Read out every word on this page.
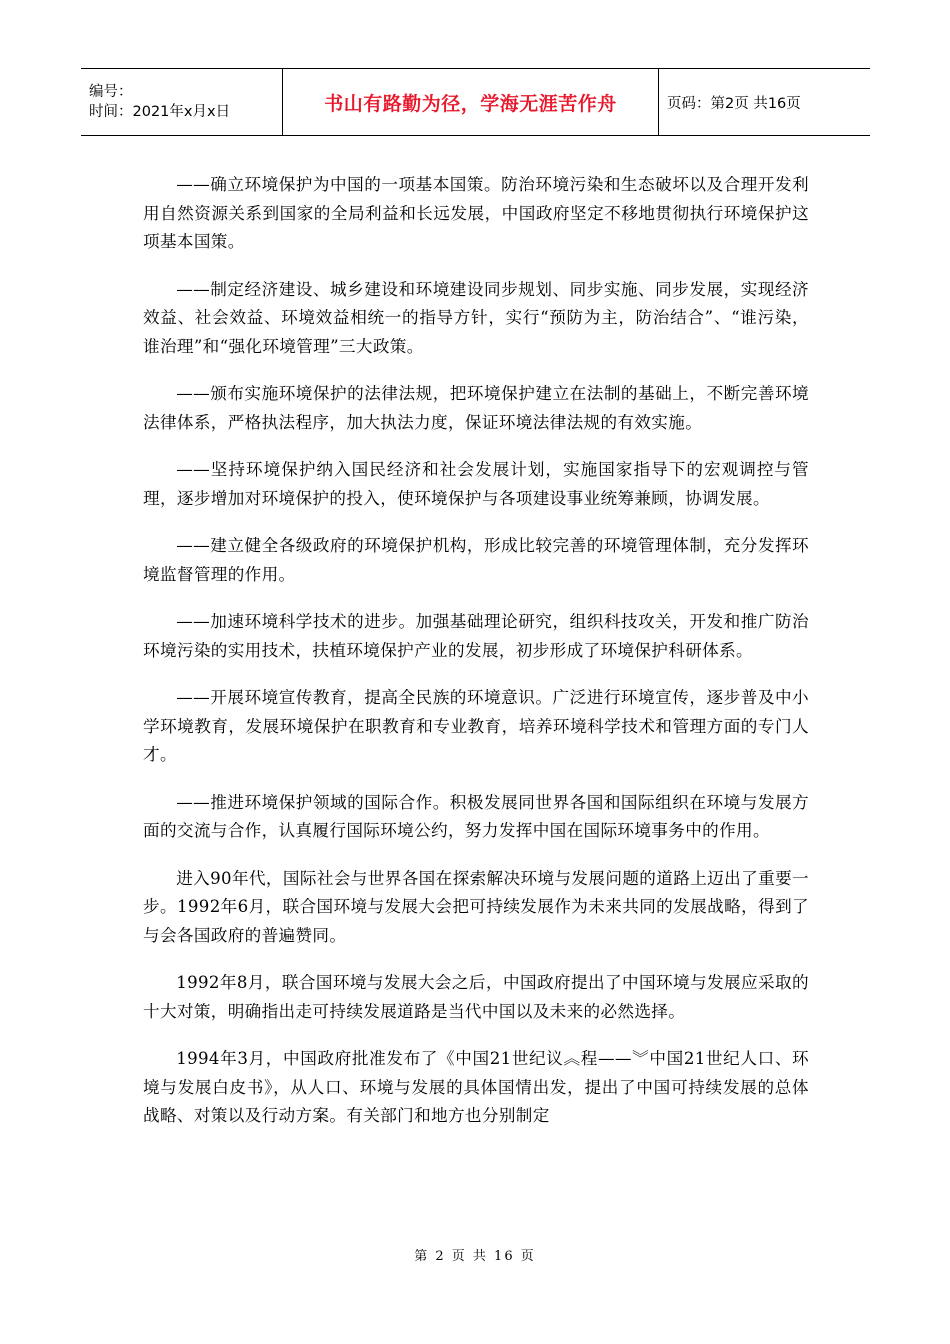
编号：
时间：2021年x月x日	书山有路勤为径，学海无涯苦作舟	页码：第2页 共16页

——确立环境保护为中国的一项基本国策。防治环境污染和生态破坏以及合理开发利用自然资源关系到国家的全局利益和长远发展，中国政府坚定不移地贯彻执行环境保护这项基本国策。

——制定经济建设、城乡建设和环境建设同步规划、同步实施、同步发展，实现经济效益、社会效益、环境效益相统一的指导方针，实行“预防为主，防治结合”、“谁污染，谁治理”和“强化环境管理”三大政策。

——颁布实施环境保护的法律法规，把环境保护建立在法制的基础上，不断完善环境法律体系，严格执法程序，加大执法力度，保证环境法律法规的有效实施。

——坚持环境保护纳入国民经济和社会发展计划，实施国家指导下的宏观调控与管理，逐步增加对环境保护的投入，使环境保护与各项建设事业统筹兼顾，协调发展。

——建立健全各级政府的环境保护机构，形成比较完善的环境管理体制，充分发挥环境监督管理的作用。

——加速环境科学技术的进步。加强基础理论研究，组织科技攻关，开发和推广防治环境污染的实用技术，扶植环境保护产业的发展，初步形成了环境保护科研体系。

——开展环境宣传教育，提高全民族的环境意识。广泛进行环境宣传，逐步普及中小学环境教育，发展环境保护在职教育和专业教育，培养环境科学技术和管理方面的专门人才。

——推进环境保护领域的国际合作。积极发展同世界各国和国际组织在环境与发展方面的交流与合作，认真履行国际环境公约，努力发挥中国在国际环境事务中的作用。

进入90年代，国际社会与世界各国在探索解决环境与发展问题的道路上迈出了重要一步。1992年6月，联合国环境与发展大会把可持续发展作为未来共同的发展战略，得到了与会各国政府的普遍赞同。

1992年8月，联合国环境与发展大会之后，中国政府提出了中国环境与发展应采取的十大对策，明确指出走可持续发展道路是当代中国以及未来的必然选择。

1994年3月，中国政府批准发布了《中国21世纪议︽程——︾中国21世纪人口、环境与发展白皮书》，从人口、环境与发展的具体国情出发，提出了中国可持续发展的总体战略、对策以及行动方案。有关部门和地方也分别制定

第 2 页 共 16 页
